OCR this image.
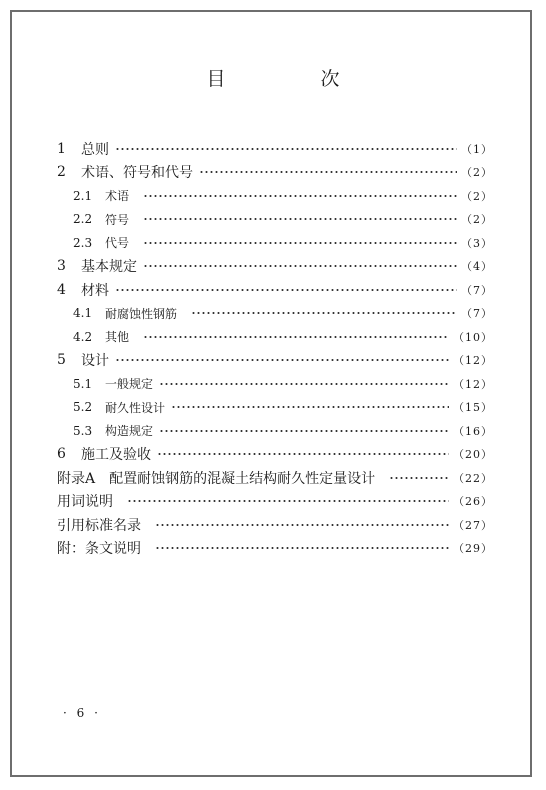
目　次
1	总则	（1）
2	术语、符号和代号	（2）
2.1	术语	（2）
2.2	符号	（2）
2.3	代号	（3）
3	基本规定	（4）
4	材料	（7）
4.1	耐腐蚀性钢筋	（7）
4.2	其他	（10）
5	设计	（12）
5.1	一般规定	（12）
5.2	耐久性设计	（15）
5.3	构造规定	（16）
6	施工及验收	（20）
附录A 配置耐蚀钢筋的混凝土结构耐久性定量设计	（22）
用词说明	（26）
引用标准名录	（27）
附：条文说明	（29）
· 6 ·
